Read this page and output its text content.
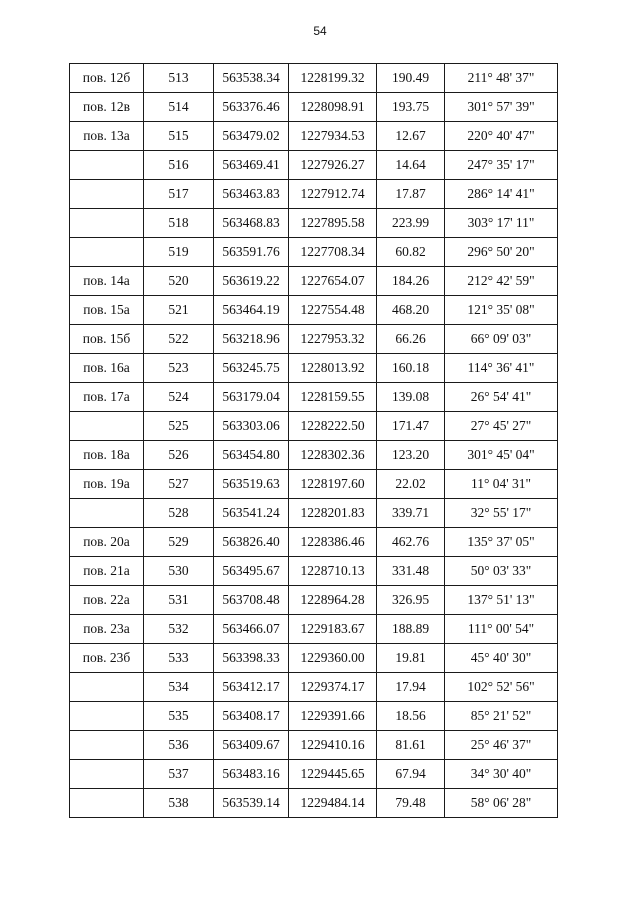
54
пов. 12б	513	563538.34	1228199.32	190.49	211° 48' 37"
пов. 12в	514	563376.46	1228098.91	193.75	301° 57' 39"
пов. 13а	515	563479.02	1227934.53	12.67	220° 40' 47"
	516	563469.41	1227926.27	14.64	247° 35' 17"
	517	563463.83	1227912.74	17.87	286° 14' 41"
	518	563468.83	1227895.58	223.99	303° 17' 11"
	519	563591.76	1227708.34	60.82	296° 50' 20"
пов. 14а	520	563619.22	1227654.07	184.26	212° 42' 59"
пов. 15а	521	563464.19	1227554.48	468.20	121° 35' 08"
пов. 15б	522	563218.96	1227953.32	66.26	66° 09' 03"
пов. 16а	523	563245.75	1228013.92	160.18	114° 36' 41"
пов. 17а	524	563179.04	1228159.55	139.08	26° 54' 41"
	525	563303.06	1228222.50	171.47	27° 45' 27"
пов. 18а	526	563454.80	1228302.36	123.20	301° 45' 04"
пов. 19а	527	563519.63	1228197.60	22.02	11° 04' 31"
	528	563541.24	1228201.83	339.71	32° 55' 17"
пов. 20а	529	563826.40	1228386.46	462.76	135° 37' 05"
пов. 21а	530	563495.67	1228710.13	331.48	50° 03' 33"
пов. 22а	531	563708.48	1228964.28	326.95	137° 51' 13"
пов. 23а	532	563466.07	1229183.67	188.89	111° 00' 54"
пов. 23б	533	563398.33	1229360.00	19.81	45° 40' 30"
	534	563412.17	1229374.17	17.94	102° 52' 56"
	535	563408.17	1229391.66	18.56	85° 21' 52"
	536	563409.67	1229410.16	81.61	25° 46' 37"
	537	563483.16	1229445.65	67.94	34° 30' 40"
	538	563539.14	1229484.14	79.48	58° 06' 28"
